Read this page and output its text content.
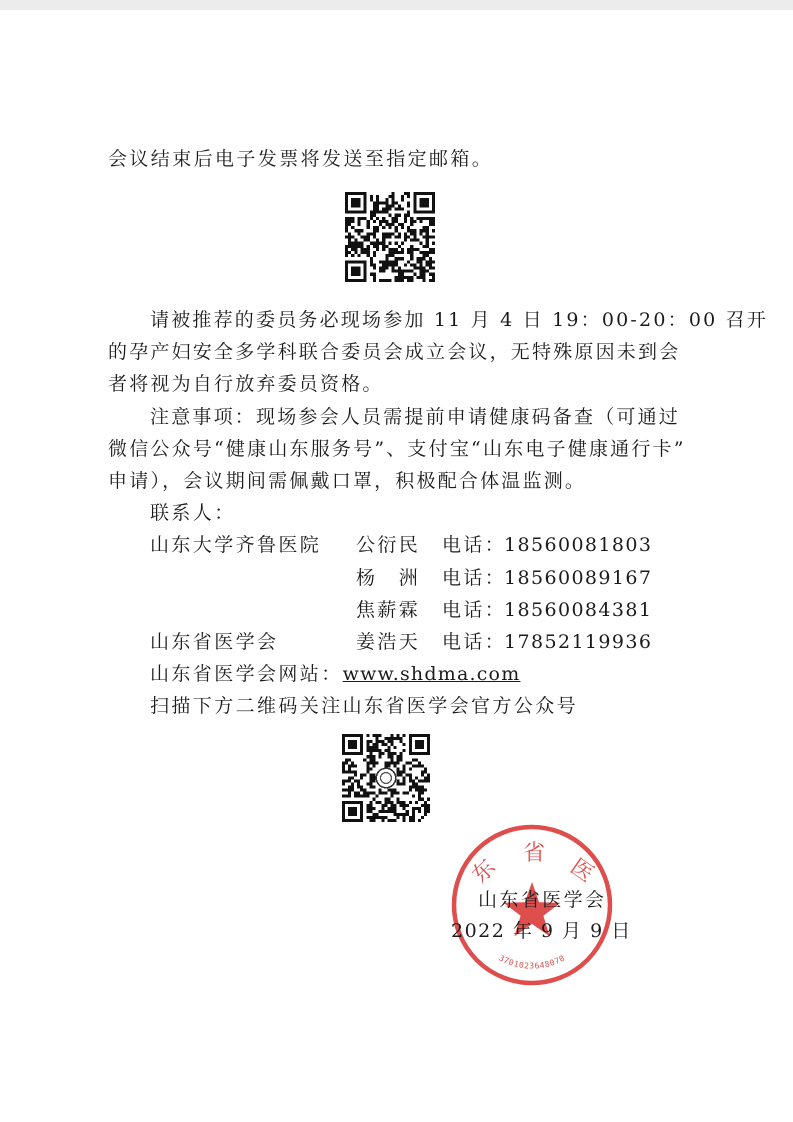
会议结束后电子发票将发送至指定邮箱。
请被推荐的委员务必现场参加 11 月 4 日 19：00-20：00 召开
的孕产妇安全多学科联合委员会成立会议，无特殊原因未到会
者将视为自行放弃委员资格。
注意事项：现场参会人员需提前申请健康码备查（可通过
微信公众号“健康山东服务号”、支付宝“山东电子健康通行卡”
申请），会议期间需佩戴口罩，积极配合体温监测。
联系人：
山东大学齐鲁医院 公衍民 电话：
18560081803
杨　洲 电话：
18560089167
焦薪霖 电话：
18560084381
山东省医学会	姜浩天 电话：
17852119936
山东省医学会网站：www.shdma.com
扫描下方二维码关注山东省医学会官方公众号
东
省
医
3701023648070
山东省医学会
2022 年 9 月 9 日
